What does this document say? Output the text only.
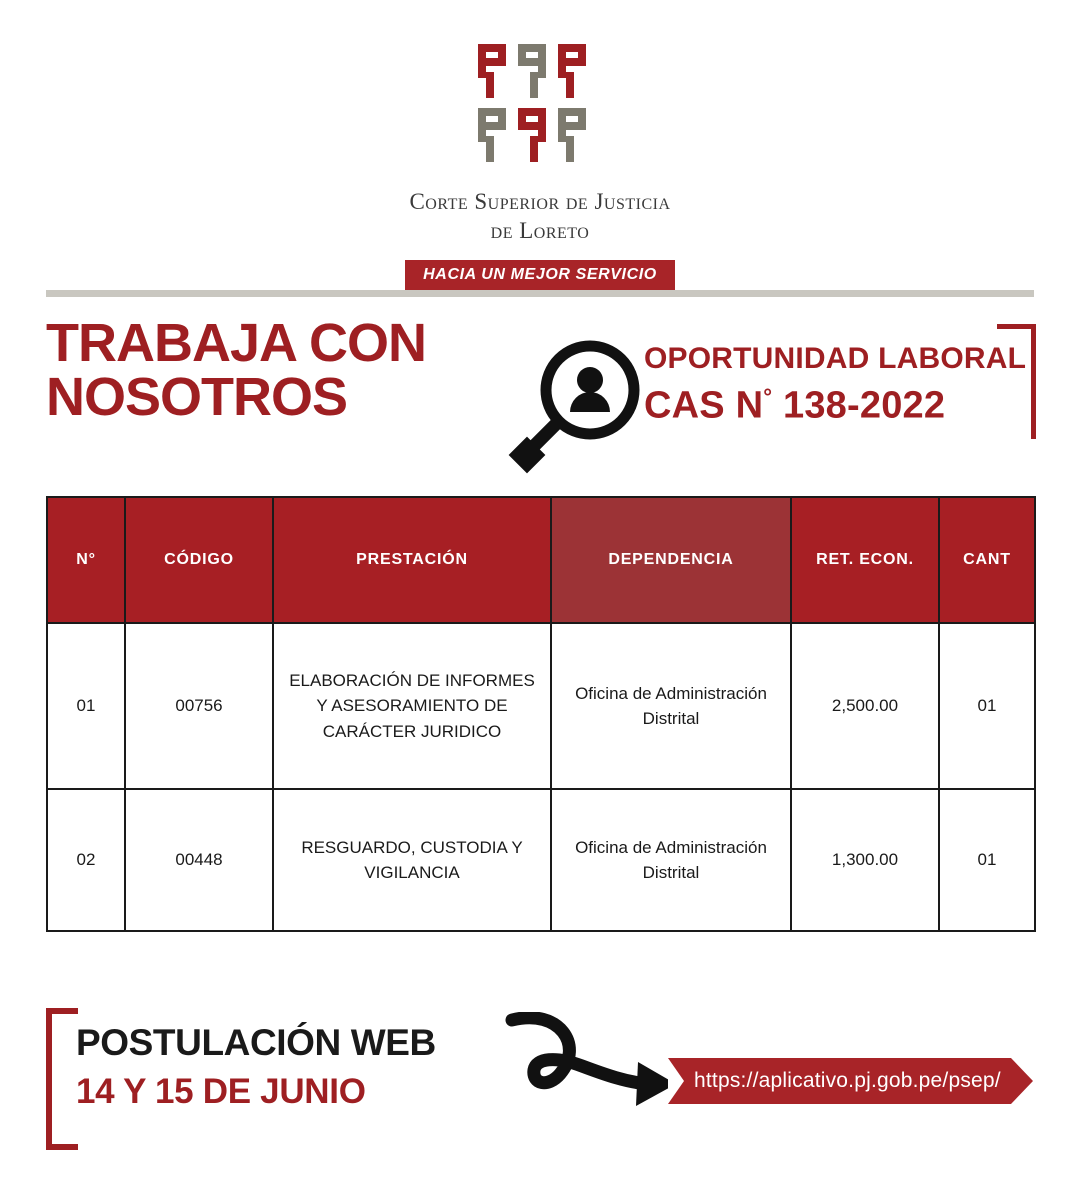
Corte Superior de Justicia
de Loreto
HACIA UN MEJOR SERVICIO
TRABAJA CON
NOSOTROS
OPORTUNIDAD LABORAL
CAS N° 138-2022
N°	CÓDIGO	PRESTACIÓN	DEPENDENCIA	RET. ECON.	CANT
01	00756	ELABORACIÓN DE INFORMES Y ASESORAMIENTO DE CARÁCTER JURIDICO	Oficina de Administración Distrital	2,500.00	01
02	00448	RESGUARDO, CUSTODIA Y VIGILANCIA	Oficina de Administración Distrital	1,300.00	01
POSTULACIÓN WEB
14 Y 15 DE JUNIO	https://aplicativo.pj.gob.pe/psep/
